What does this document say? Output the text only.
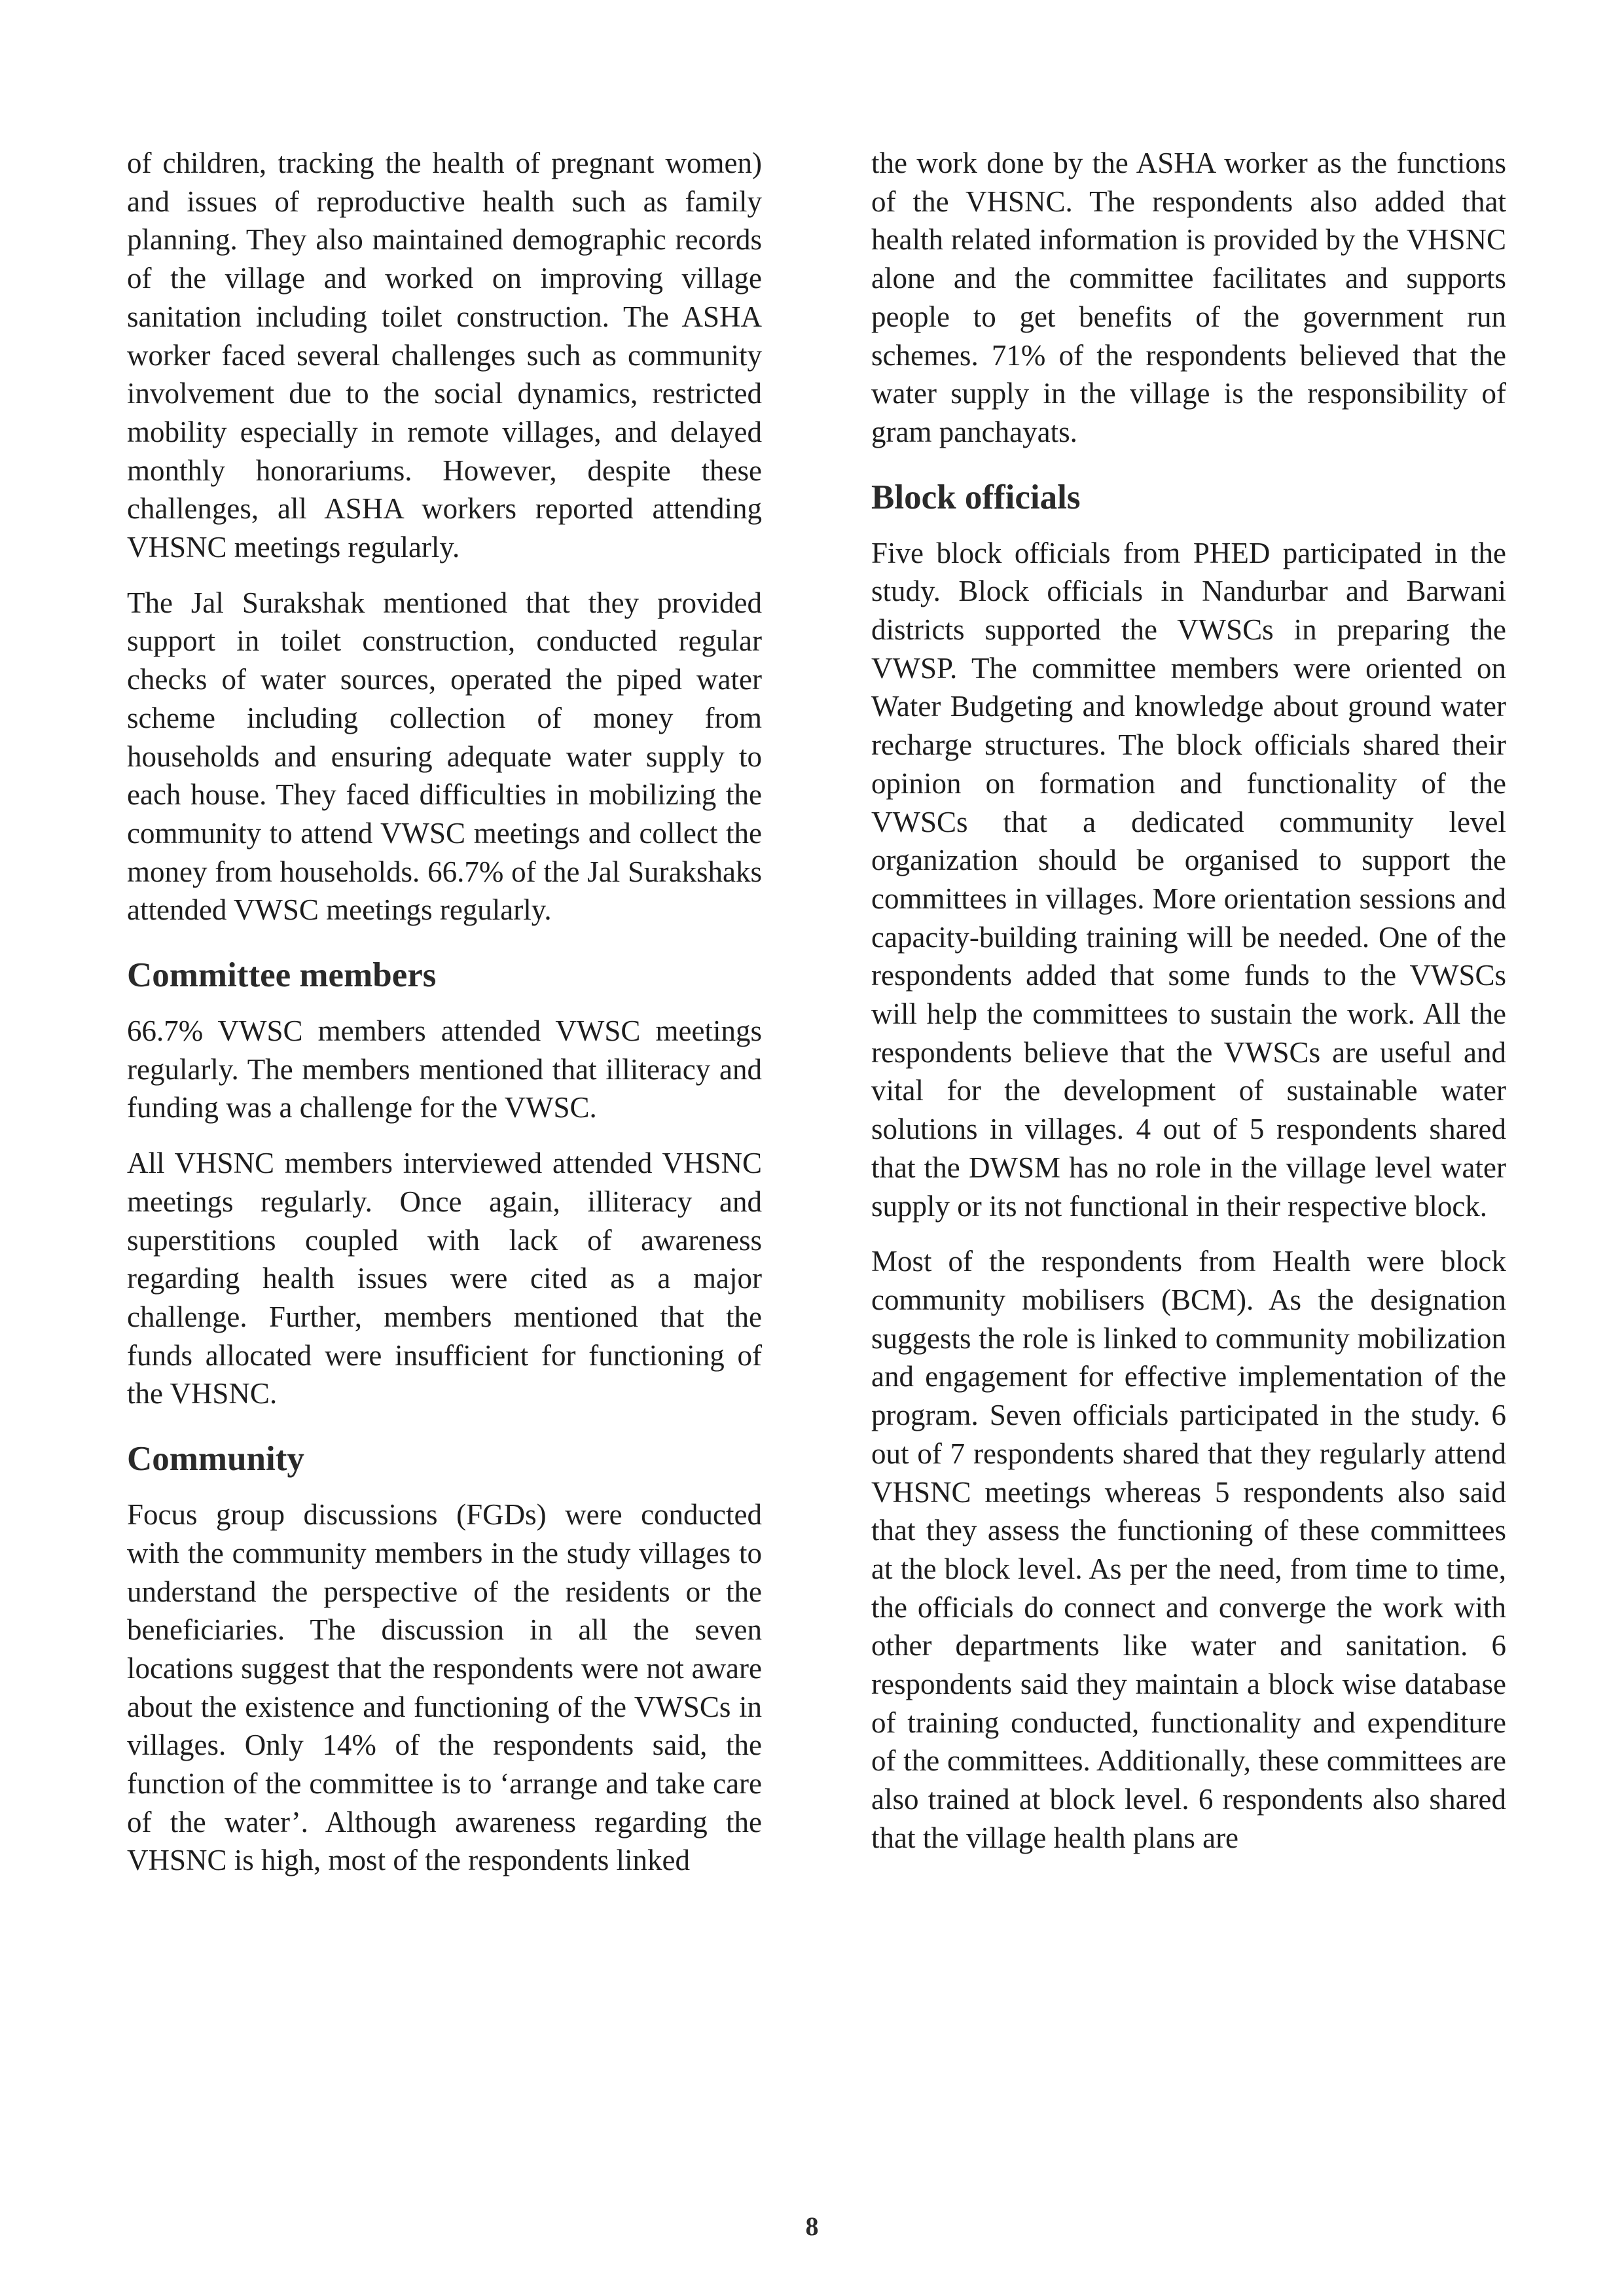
of children, tracking the health of pregnant women) and issues of reproductive health such as family planning. They also maintained demographic records of the village and worked on improving village sanitation including toilet construction. The ASHA worker faced several challenges such as community involvement due to the social dynamics, restricted mobility especially in remote villages, and delayed monthly honorariums. However, despite these challenges, all ASHA workers reported attending VHSNC meetings regularly.

The Jal Surakshak mentioned that they provided support in toilet construction, conducted regular checks of water sources, operated the piped water scheme including collection of money from households and ensuring adequate water supply to each house. They faced difficulties in mobilizing the community to attend VWSC meetings and collect the money from households. 66.7% of the Jal Surakshaks attended VWSC meetings regularly.

Committee members

66.7% VWSC members attended VWSC meetings regularly. The members mentioned that illiteracy and funding was a challenge for the VWSC.

All VHSNC members interviewed attended VHSNC meetings regularly. Once again, illiteracy and superstitions coupled with lack of awareness regarding health issues were cited as a major challenge. Further, members mentioned that the funds allocated were insufficient for functioning of the VHSNC.

Community

Focus group discussions (FGDs) were conducted with the community members in the study villages to understand the perspective of the residents or the beneficiaries. The discussion in all the seven locations suggest that the respondents were not aware about the existence and functioning of the VWSCs in villages. Only 14% of the respondents said, the function of the committee is to ‘arrange and take care of the water’. Although awareness regarding the VHSNC is high, most of the respondents linked

the work done by the ASHA worker as the functions of the VHSNC. The respondents also added that health related information is provided by the VHSNC alone and the committee facilitates and supports people to get benefits of the government run schemes. 71% of the respondents believed that the water supply in the village is the responsibility of gram panchayats.

Block officials

Five block officials from PHED participated in the study. Block officials in Nandurbar and Barwani districts supported the VWSCs in preparing the VWSP. The committee members were oriented on Water Budgeting and knowledge about ground water recharge structures. The block officials shared their opinion on formation and functionality of the VWSCs that a dedicated community level organization should be organised to support the committees in villages. More orientation sessions and capacity-building training will be needed. One of the respondents added that some funds to the VWSCs will help the committees to sustain the work. All the respondents believe that the VWSCs are useful and vital for the development of sustainable water solutions in villages. 4 out of 5 respondents shared that the DWSM has no role in the village level water supply or its not functional in their respective block.

Most of the respondents from Health were block community mobilisers (BCM). As the designation suggests the role is linked to community mobilization and engagement for effective implementation of the program. Seven officials participated in the study. 6 out of 7 respondents shared that they regularly attend VHSNC meetings whereas 5 respondents also said that they assess the functioning of these committees at the block level. As per the need, from time to time, the officials do connect and converge the work with other departments like water and sanitation. 6 respondents said they maintain a block wise database of training conducted, functionality and expenditure of the committees. Additionally, these committees are also trained at block level. 6 respondents also shared that the village health plans are

8
